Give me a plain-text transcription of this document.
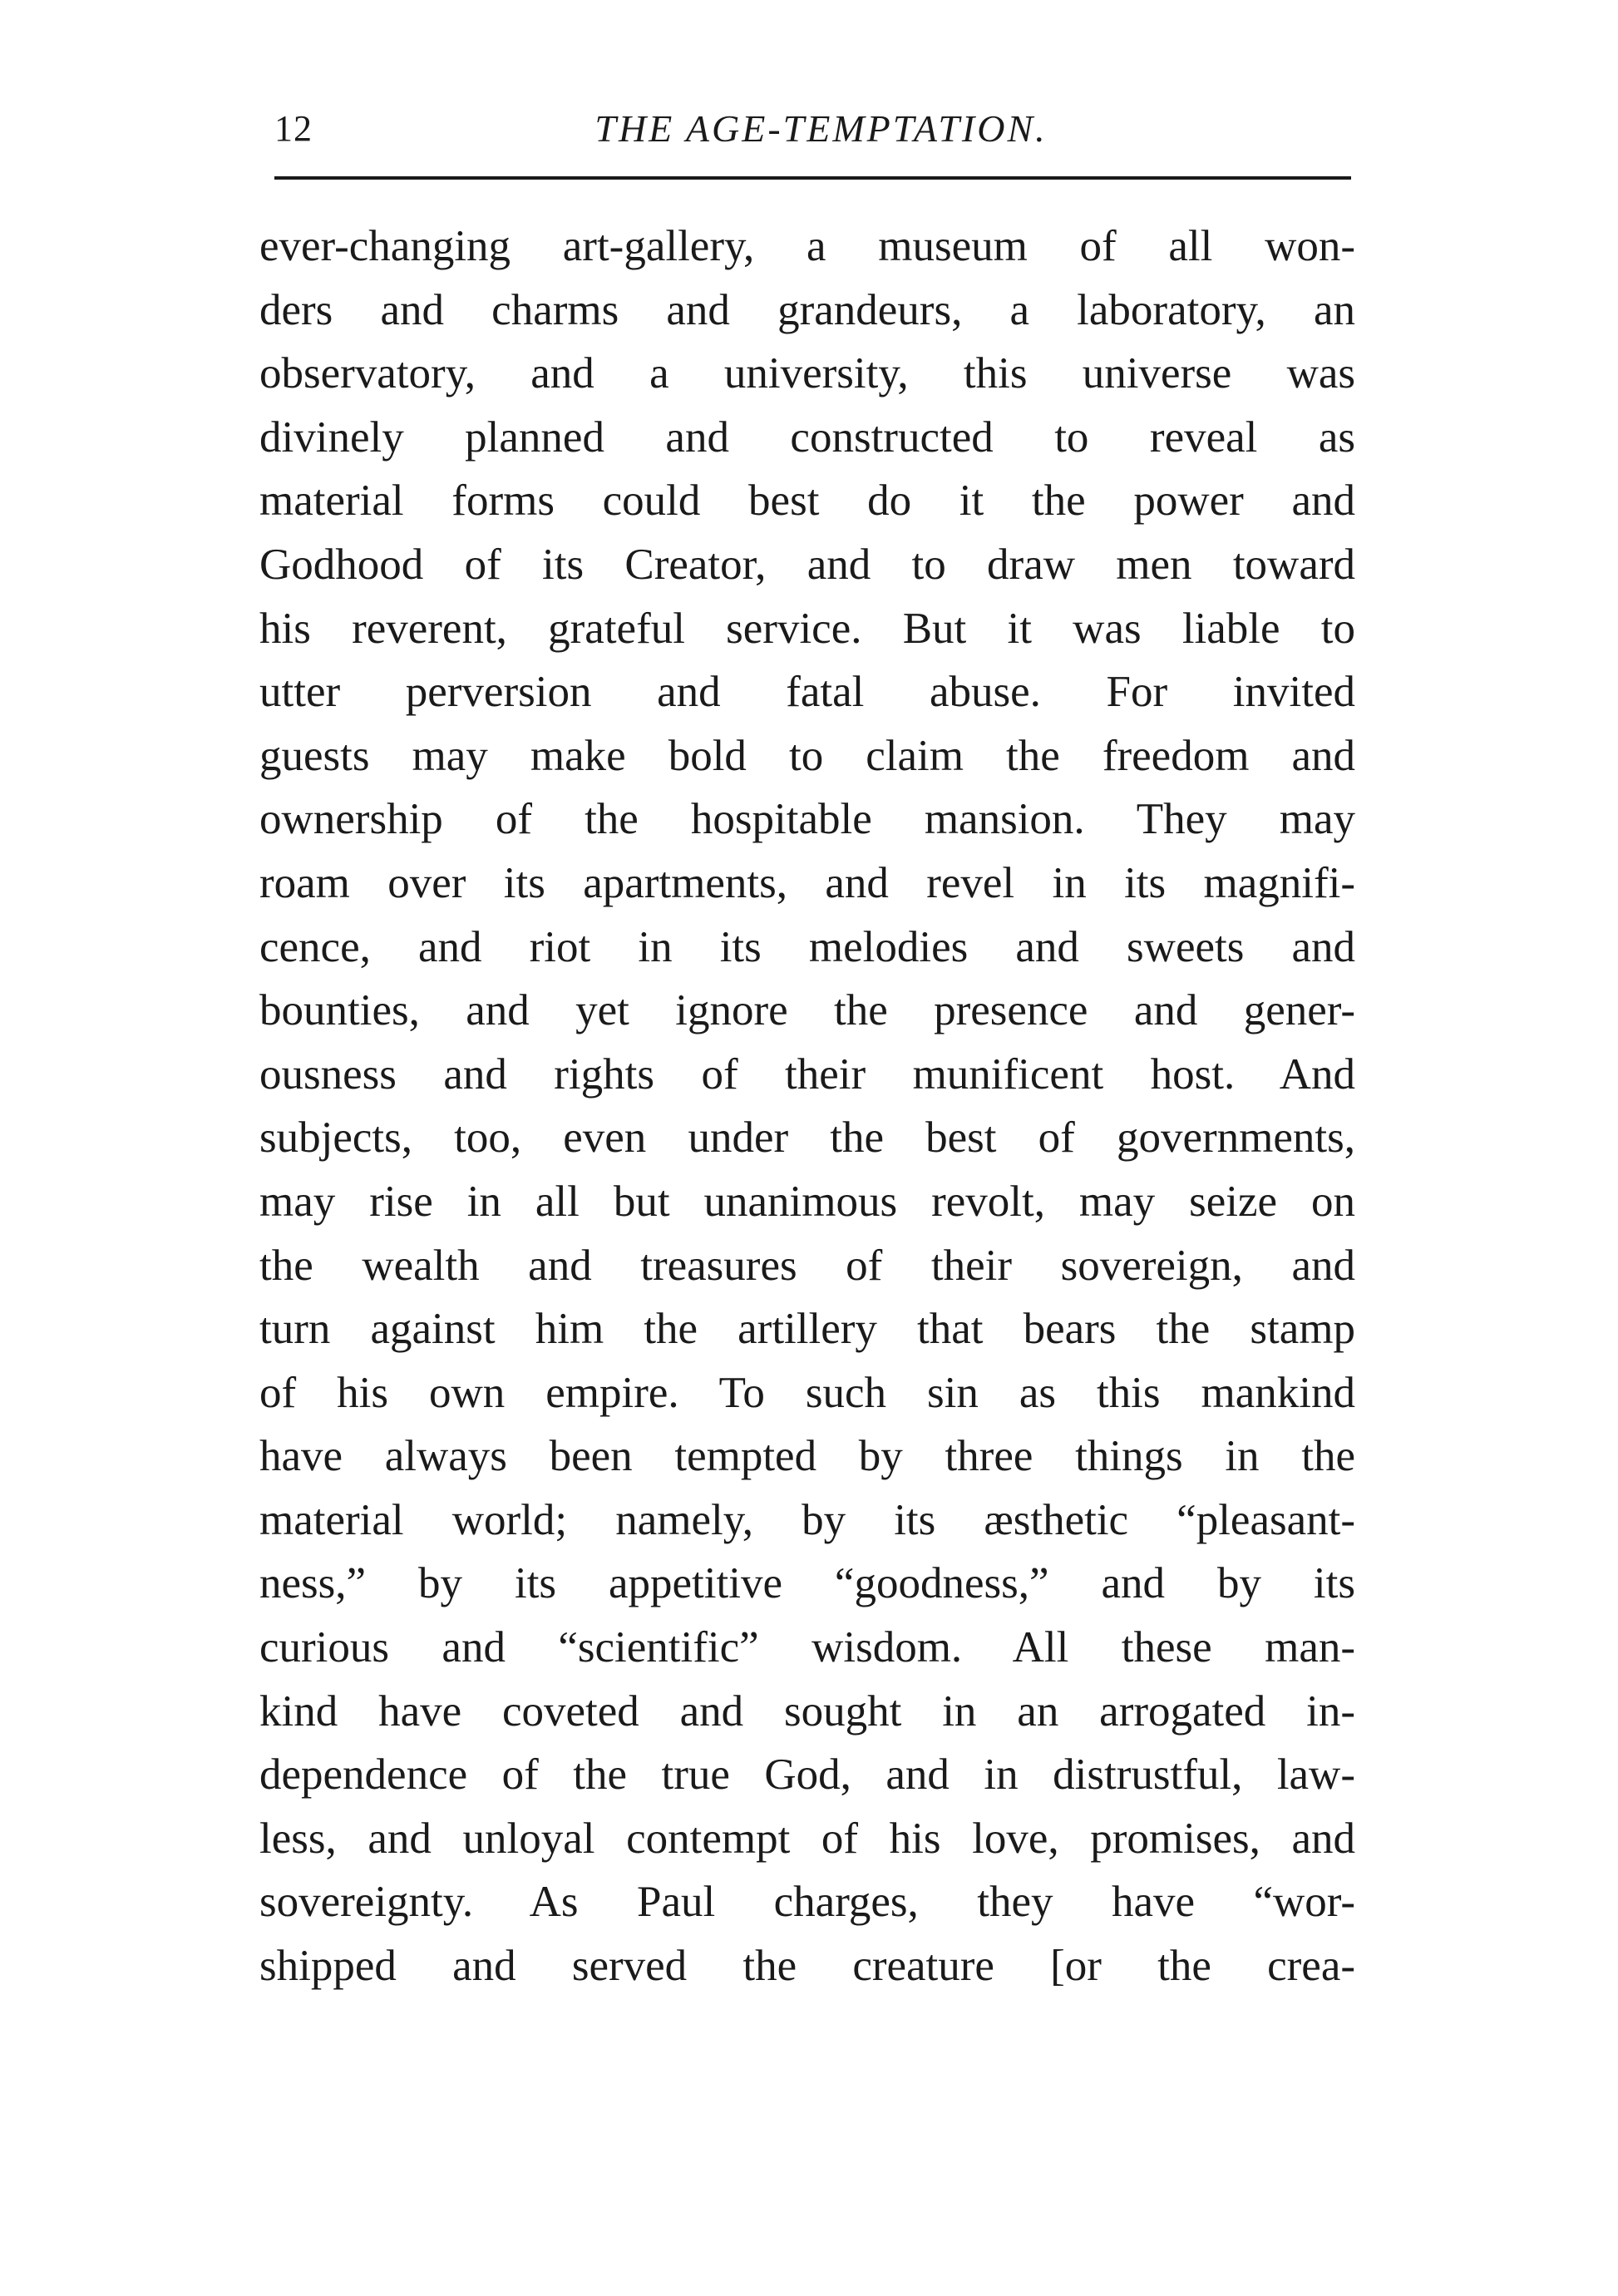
12	THE AGE-TEMPTATION.
ever-changing art-gallery, a museum of all won-
ders and charms and grandeurs, a laboratory, an
observatory, and a university, this universe was
divinely planned and constructed to reveal as
material forms could best do it the power and
Godhood of its Creator, and to draw men toward
his reverent, grateful service. But it was liable to
utter perversion and fatal abuse. For invited
guests may make bold to claim the freedom and
ownership of the hospitable mansion. They may
roam over its apartments, and revel in its magnifi-
cence, and riot in its melodies and sweets and
bounties, and yet ignore the presence and gener-
ousness and rights of their munificent host. And
subjects, too, even under the best of governments,
may rise in all but unanimous revolt, may seize on
the wealth and treasures of their sovereign, and
turn against him the artillery that bears the stamp
of his own empire. To such sin as this mankind
have always been tempted by three things in the
material world; namely, by its æsthetic “pleasant-
ness,” by its appetitive “goodness,” and by its
curious and “scientific” wisdom. All these man-
kind have coveted and sought in an arrogated in-
dependence of the true God, and in distrustful, law-
less, and unloyal contempt of his love, promises, and
sovereignty. As Paul charges, they have “wor-
shipped and served the creature [or the crea-
